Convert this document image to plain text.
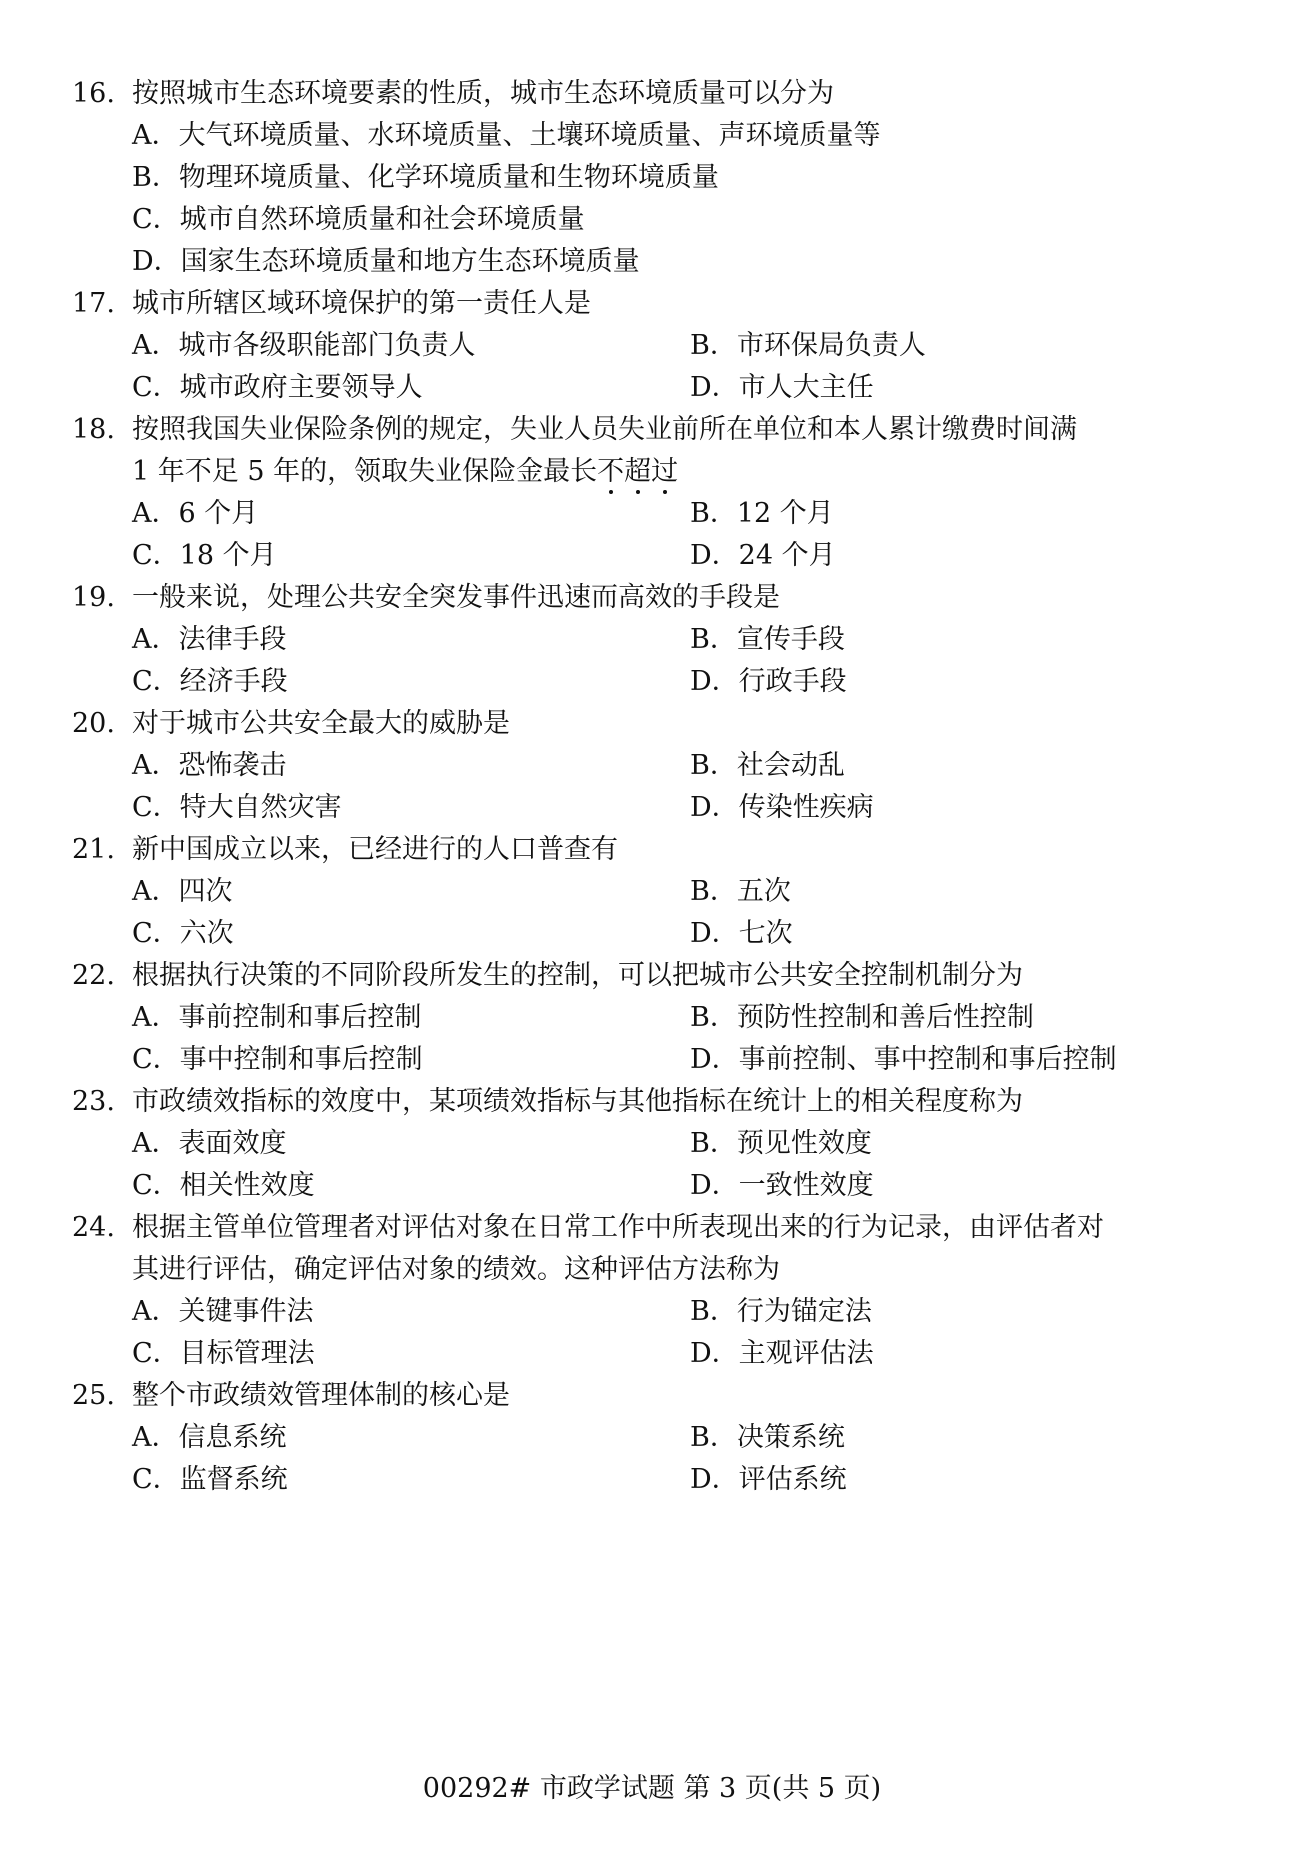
16. 按照城市生态环境要素的性质，城市生态环境质量可以分为
A．大气环境质量、水环境质量、土壤环境质量、声环境质量等
B．物理环境质量、化学环境质量和生物环境质量
C．城市自然环境质量和社会环境质量
D．国家生态环境质量和地方生态环境质量
17. 城市所辖区域环境保护的第一责任人是
A．城市各级职能部门负责人	B．市环保局负责人
C．城市政府主要领导人	D．市人大主任
18. 按照我国失业保险条例的规定，失业人员失业前所在单位和本人累计缴费时间满
1 年不足 5 年的，领取失业保险金最长不超过
A．6 个月	B．12 个月
C．18 个月	D．24 个月
19. 一般来说，处理公共安全突发事件迅速而高效的手段是
A．法律手段	B．宣传手段
C．经济手段	D．行政手段
20. 对于城市公共安全最大的威胁是
A．恐怖袭击	B．社会动乱
C．特大自然灾害	D．传染性疾病
21. 新中国成立以来，已经进行的人口普查有
A．四次	B．五次
C．六次	D．七次
22. 根据执行决策的不同阶段所发生的控制，可以把城市公共安全控制机制分为
A．事前控制和事后控制	B．预防性控制和善后性控制
C．事中控制和事后控制	D．事前控制、事中控制和事后控制
23. 市政绩效指标的效度中，某项绩效指标与其他指标在统计上的相关程度称为
A．表面效度	B．预见性效度
C．相关性效度	D．一致性效度
24. 根据主管单位管理者对评估对象在日常工作中所表现出来的行为记录，由评估者对
其进行评估，确定评估对象的绩效。这种评估方法称为
A．关键事件法	B．行为锚定法
C．目标管理法	D．主观评估法
25. 整个市政绩效管理体制的核心是
A．信息系统	B．决策系统
C．监督系统	D．评估系统
00292# 市政学试题 第 3 页(共 5 页)
